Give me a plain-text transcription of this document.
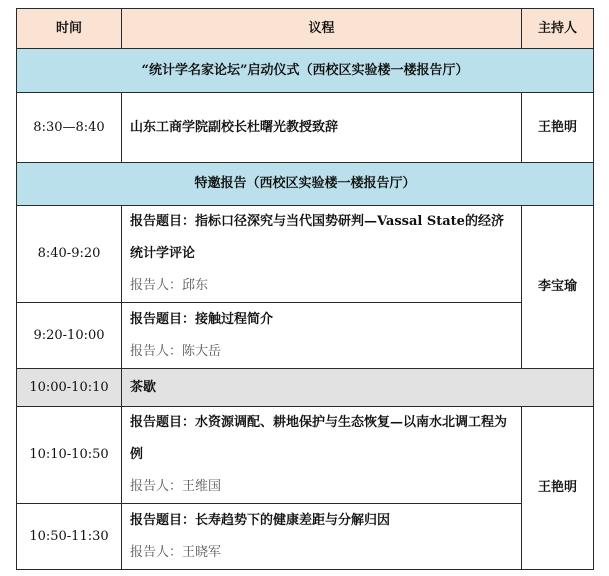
时间	议程	主持人
“统计学名家论坛”启动仪式（西校区实验楼一楼报告厅）		
8:30—8:40	山东工商学院副校长杜曙光教授致辞	王艳明
特邀报告（西校区实验楼一楼报告厅）		
8:40-9:20	报告题目：指标口径深究与当代国势研判—Vassal State的经济统计学评论
报告人：邱东	李宝瑜
9:20-10:00	报告题目：接触过程简介
报告人：陈大岳	

10:00-10:10	茶歇	
10:10-10:50	报告题目：水资源调配、耕地保护与生态恢复—以南水北调工程为例
报告人：王维国	王艳明
10:50-11:30	报告题目：长寿趋势下的健康差距与分解归因
报告人：王晓军	
